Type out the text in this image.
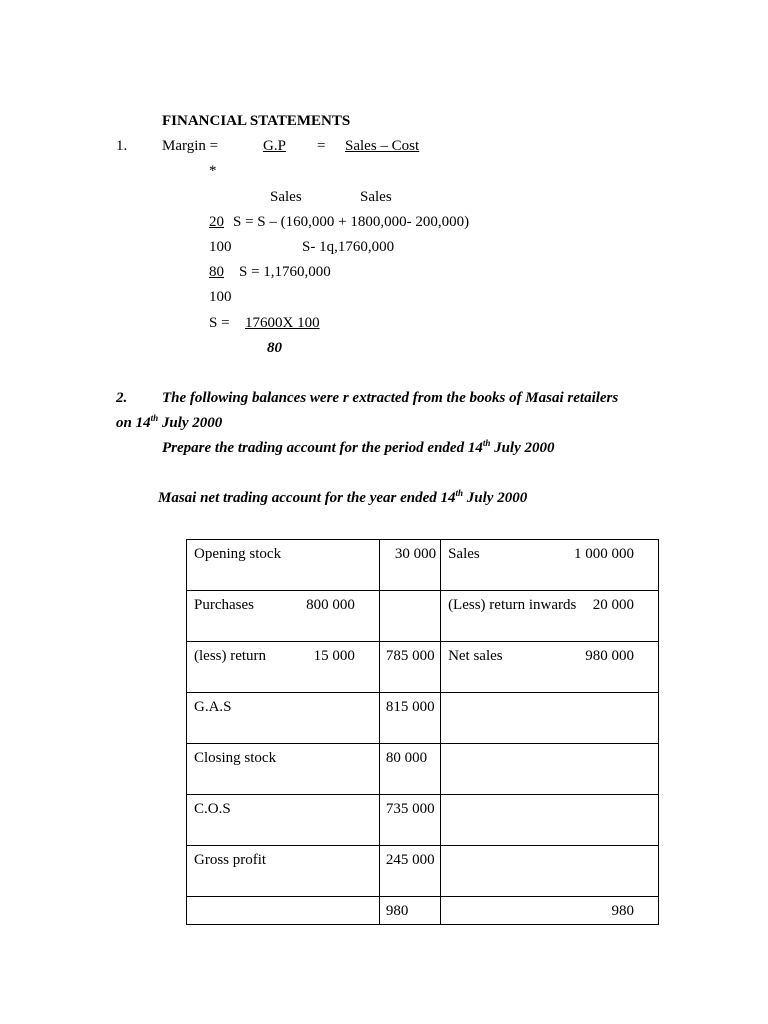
FINANCIAL STATEMENTS
1. Margin =	G.P	= Sales – Cost
*
Sales	Sales
20 S = S – (160,000 + 1800,000- 200,000)
100	S- 1q,1760,000
80 S = 1,1760,000
100
S = 17600X 100
80
2. The following balances were r extracted from the books of Masai retailers
on 14th July 2000
Prepare the trading account for the period ended 14th July 2000
Masai net trading account for the year ended 14th July 2000
Opening stock	30 000	Sales 1 000 000

Purchases 800 000		(Less) return inwards 20 000

(less) return 15 000	785 000	Net sales 980 000

G.A.S	815 000	

Closing stock	80 000	

C.O.S	735 000	

Gross profit	245 000	

	980	980
